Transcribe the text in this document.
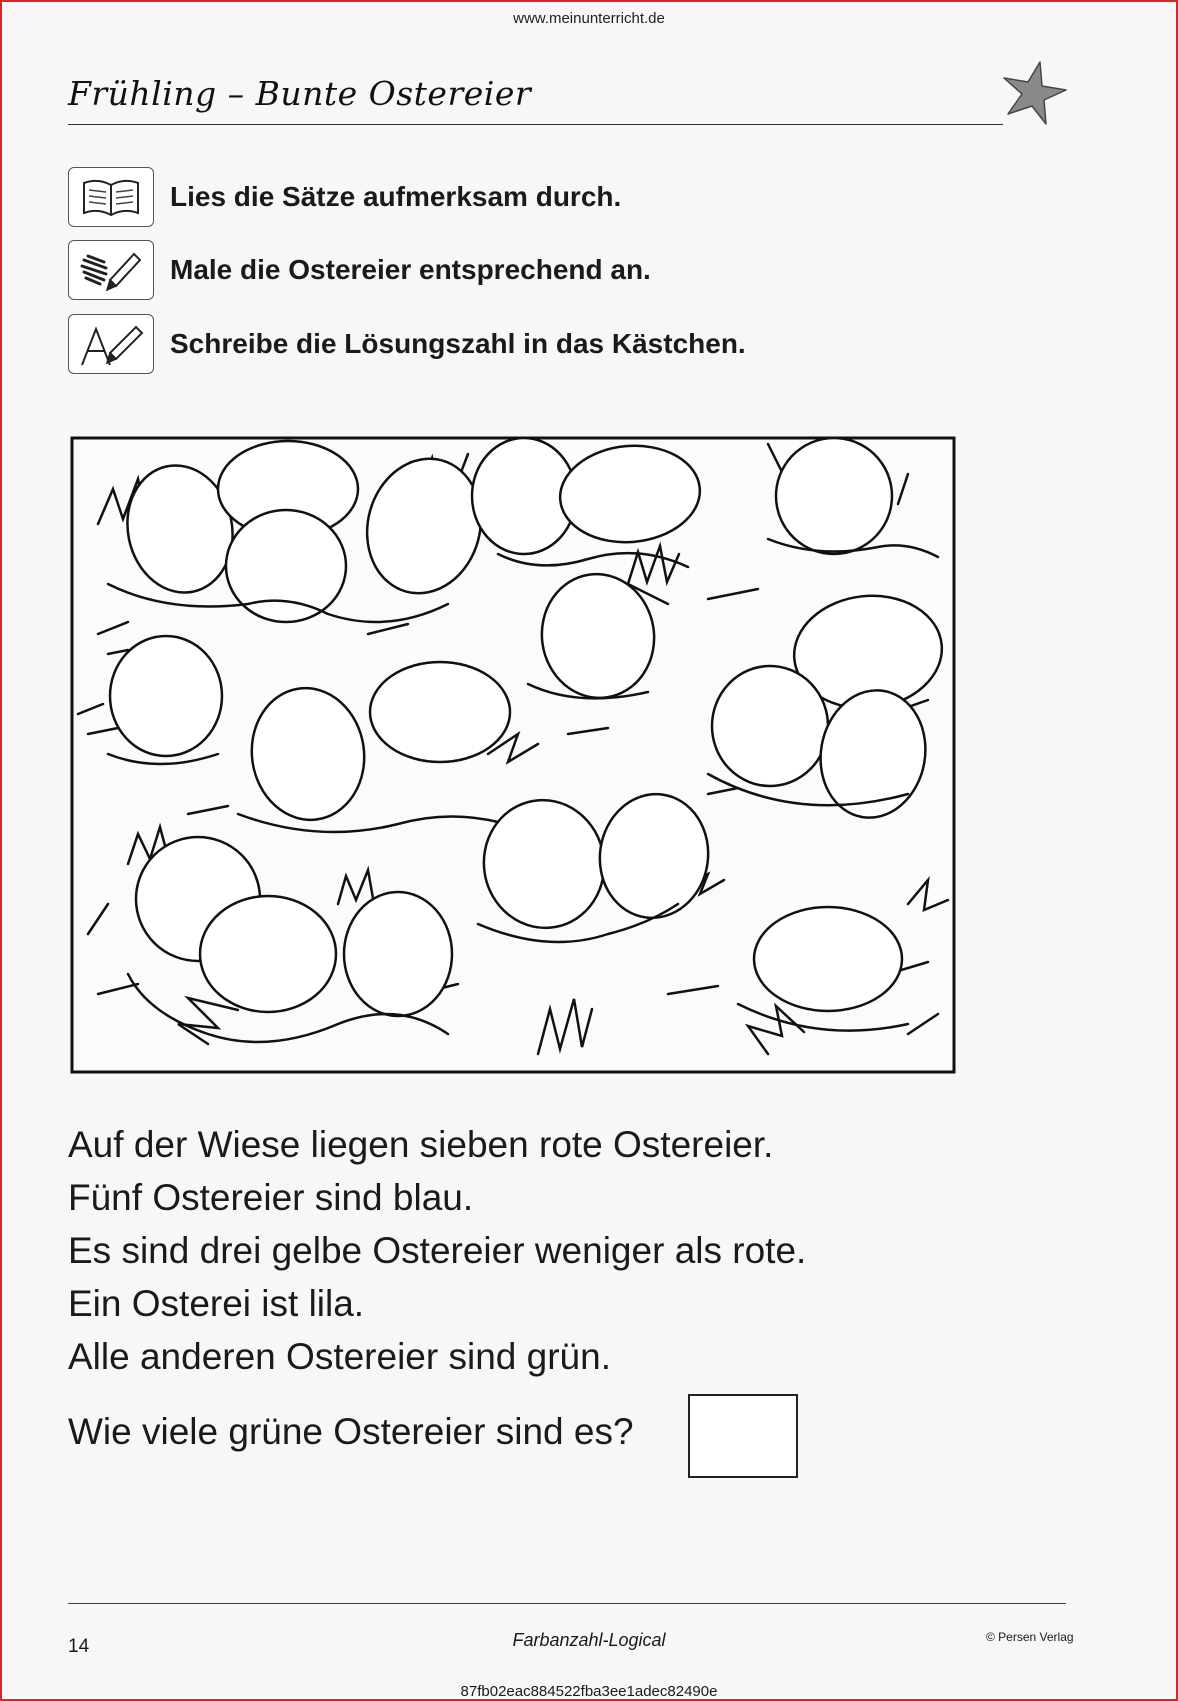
www.meinunterricht.de
Frühling – Bunte Ostereier
Lies die Sätze aufmerksam durch.
Male die Ostereier entsprechend an.
Schreibe die Lösungszahl in das Kästchen.
Auf der Wiese liegen sieben rote Ostereier.
Fünf Ostereier sind blau.
Es sind drei gelbe Ostereier weniger als rote.
Ein Osterei ist lila.
Alle anderen Ostereier sind grün.
Wie viele grüne Ostereier sind es?
14	Farbanzahl-Logical	© Persen Verlag
87fb02eac884522fba3ee1adec82490e
